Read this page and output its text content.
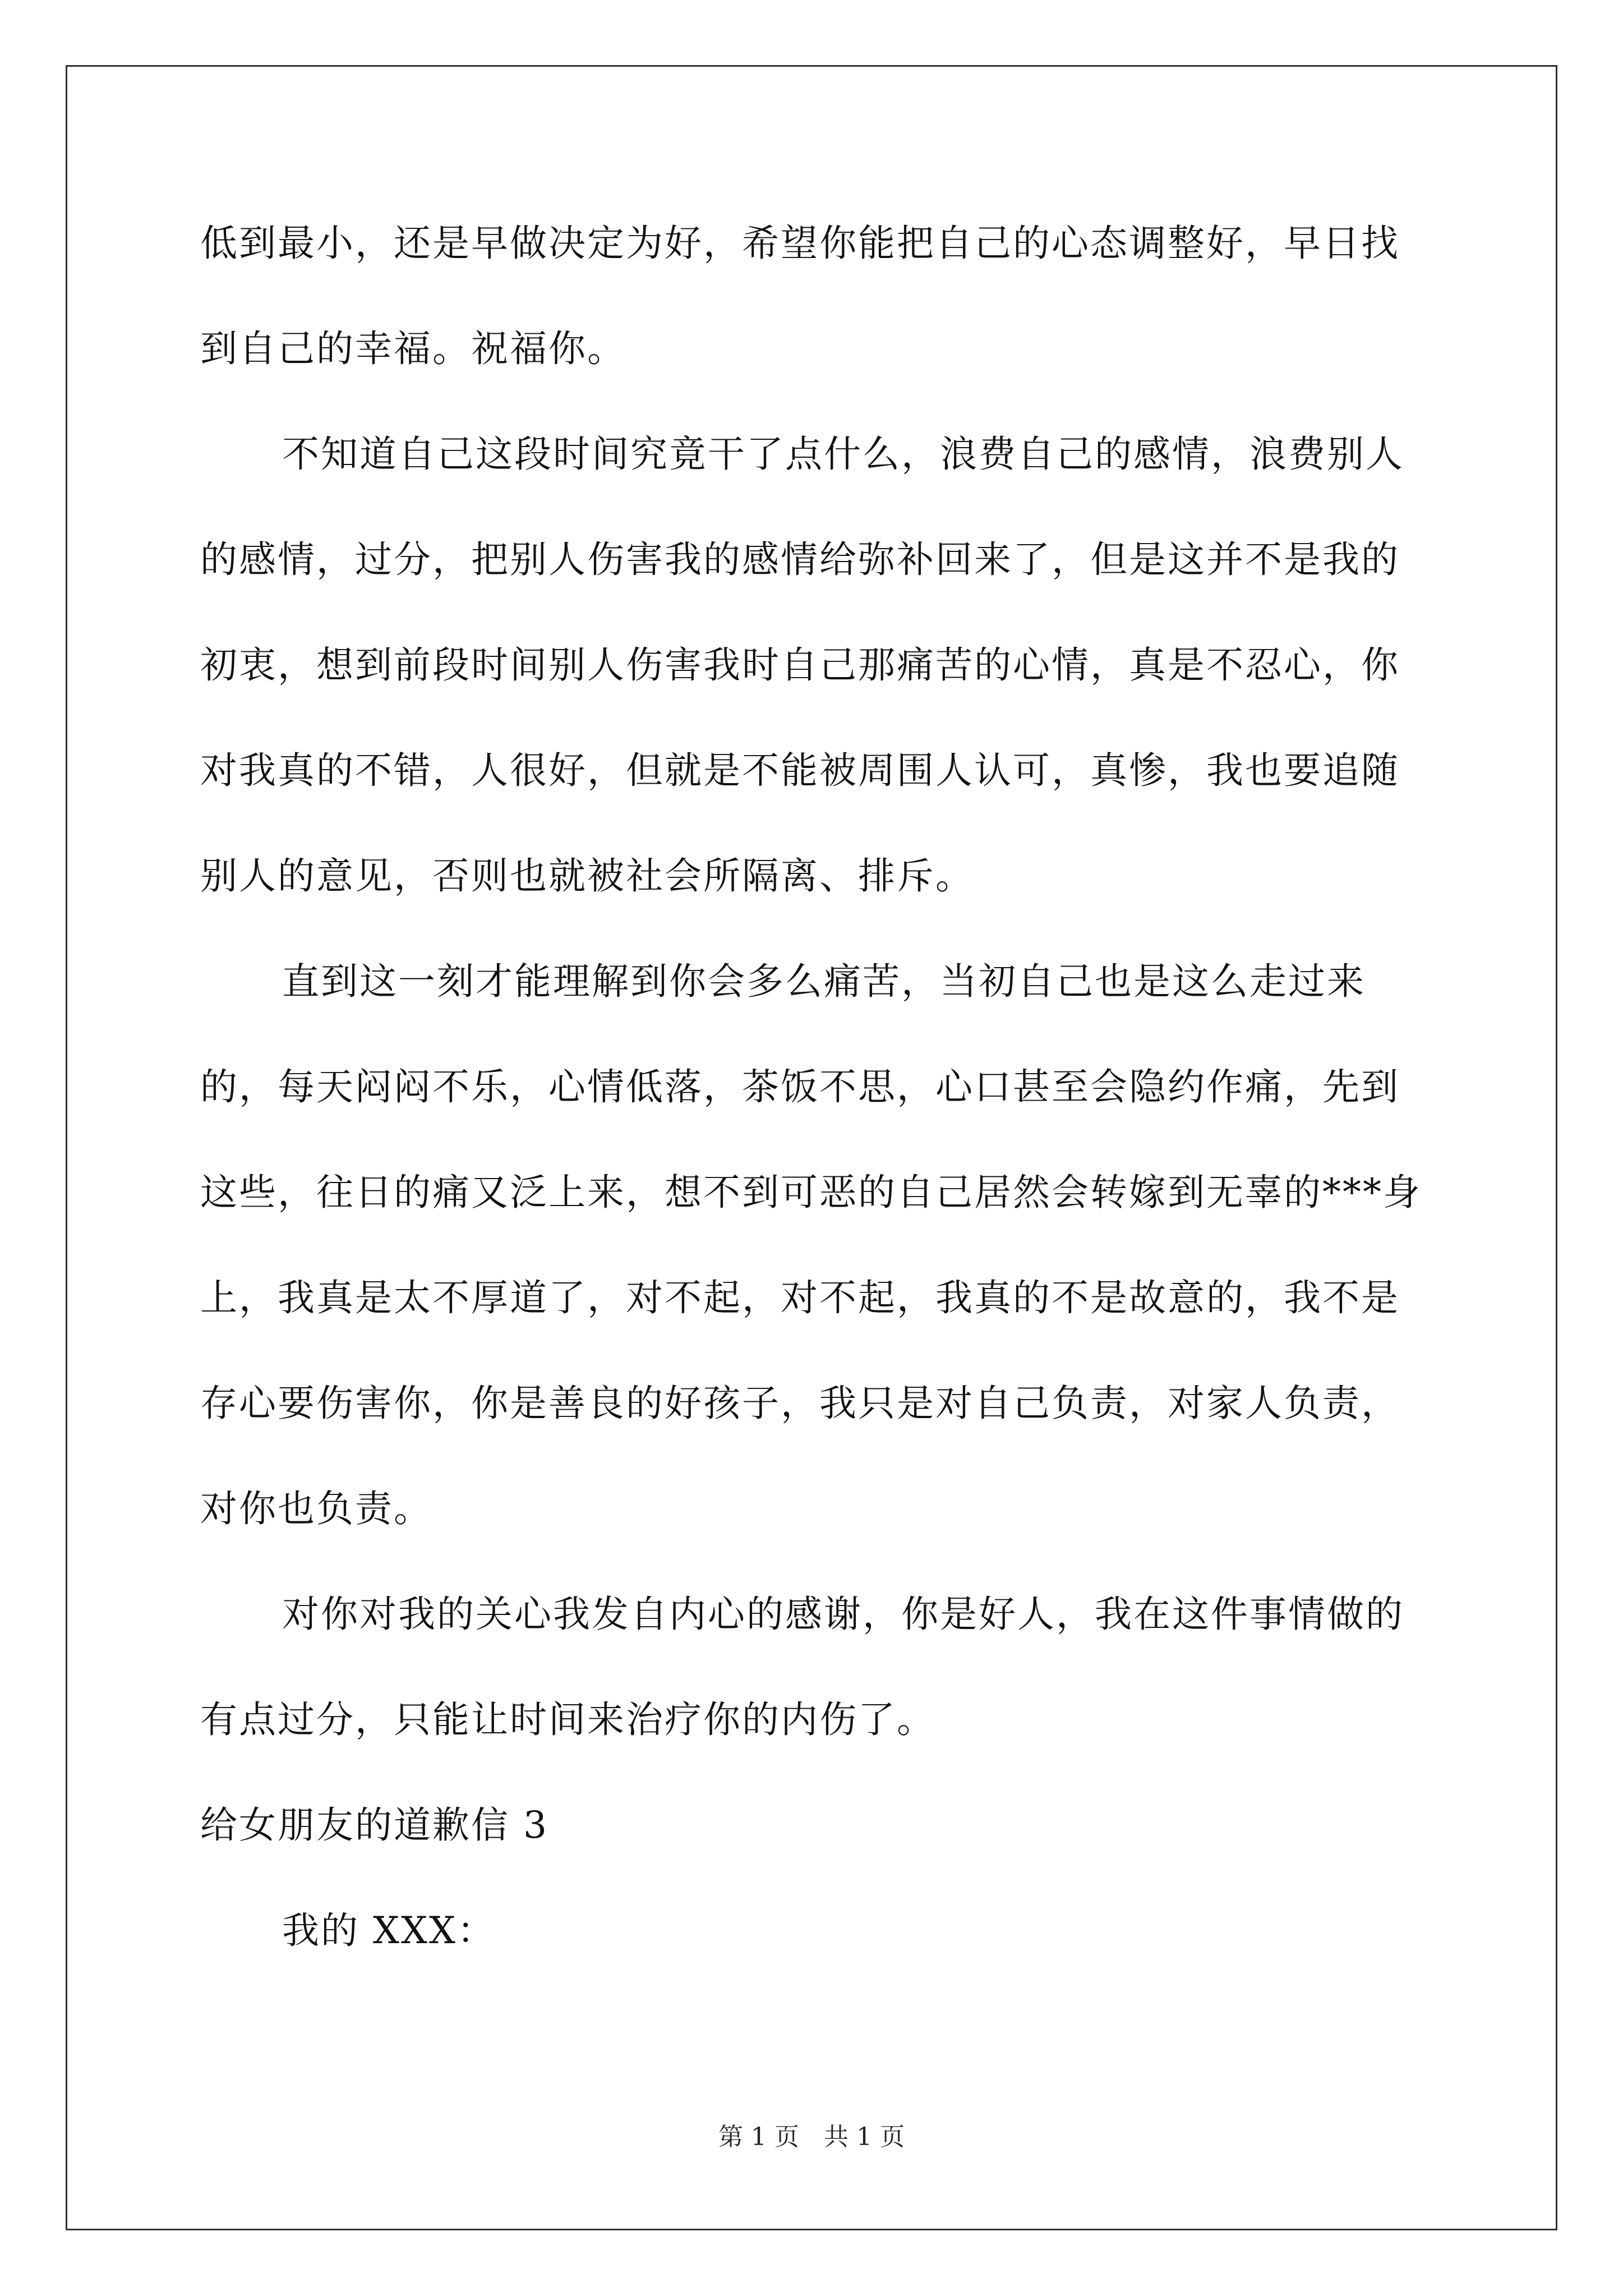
低到最小，还是早做决定为好，希望你能把自己的心态调整好，早日找到自己的幸福。祝福你。

不知道自己这段时间究竟干了点什么，浪费自己的感情，浪费别人的感情，过分，把别人伤害我的感情给弥补回来了，但是这并不是我的初衷，想到前段时间别人伤害我时自己那痛苦的心情，真是不忍心，你对我真的不错，人很好，但就是不能被周围人认可，真惨，我也要追随别人的意见，否则也就被社会所隔离、排斥。

直到这一刻才能理解到你会多么痛苦，当初自己也是这么走过来的，每天闷闷不乐，心情低落，茶饭不思，心口甚至会隐约作痛，先到这些，往日的痛又泛上来，想不到可恶的自己居然会转嫁到无辜的***身上，我真是太不厚道了，对不起，对不起，我真的不是故意的，我不是存心要伤害你，你是善良的好孩子，我只是对自己负责，对家人负责，对你也负责。

对你对我的关心我发自内心的感谢，你是好人，我在这件事情做的有点过分，只能让时间来治疗你的内伤了。

给女朋友的道歉信 3

我的 XXX：

第 1 页　共 1 页
